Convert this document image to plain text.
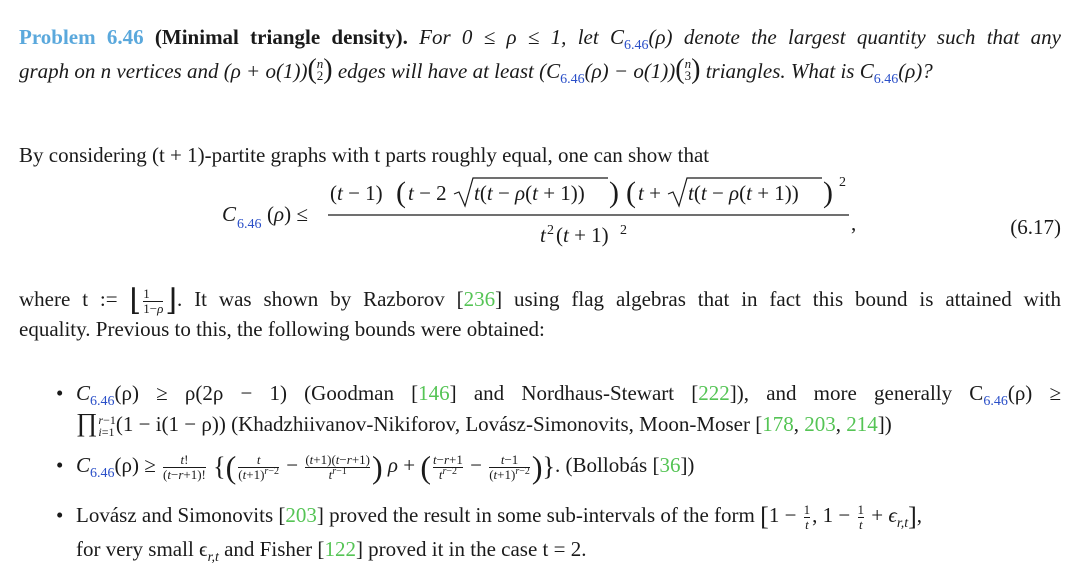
Problem 6.46 (Minimal triangle density). For 0 ≤ ρ ≤ 1, let $C_{6.46}(\rho)$ denote the largest quantity such that any
graph on n vertices and (ρ + o(1)) ( n
2 ) edges will have at least $(C_{6.46}(\rho) - o(1))$ ( n
3 ) triangles. What is $C_{6.46}(\rho)$?
By considering (t + 1)-partite graphs with t parts roughly equal, one can show that
C 6.46 (ρ) ≤
(t − 1) ( t − 2 t(t − ρ(t + 1)) ) ( t + t(t − ρ(t + 1)) ) 2
t 2 (t + 1) 2	,	(6.17)
where t := ⌊ $\frac{1}{1-\rho}$ ⌋. It was shown by Razborov [236] using flag algebras that in fact this bound is attained with
equality. Previous to this, the following bounds were obtained:
• $C_{6.46}(\rho) \ge \rho(2\rho - 1)$ (Goodman [146] and Nordhaus-Stewart [222]), and more generally $C_{6.46}(\rho)$ ≥
∏ r−1
i=1 (1 − i(1 − ρ)) (Khadzhiivanov-Nikiforov, Lovász-Simonovits, Moon-Moser [178, 203, 214])
• $C_{6.46}(\rho) \ge \frac{t!}{(t-r+1)!}$ {( $\frac{t}{(t+1)^{r-2}} - \frac{(t+1)(t-r+1)}{t^{r-1}}$ ) ρ + ( $\frac{t-r+1}{t^{r-2}} - \frac{t-1}{(t+1)^{r-2}}$ )}. (Bollobás [36])
• Lovász and Simonovits [203] proved the result in some sub-intervals of the form [$1 - \frac{1}{t}$ , $1 - \frac{1}{t} + \epsilon_{r,t}$],
for very small $\epsilon_{r,t}$ and Fisher [122] proved it in the case t = 2.
